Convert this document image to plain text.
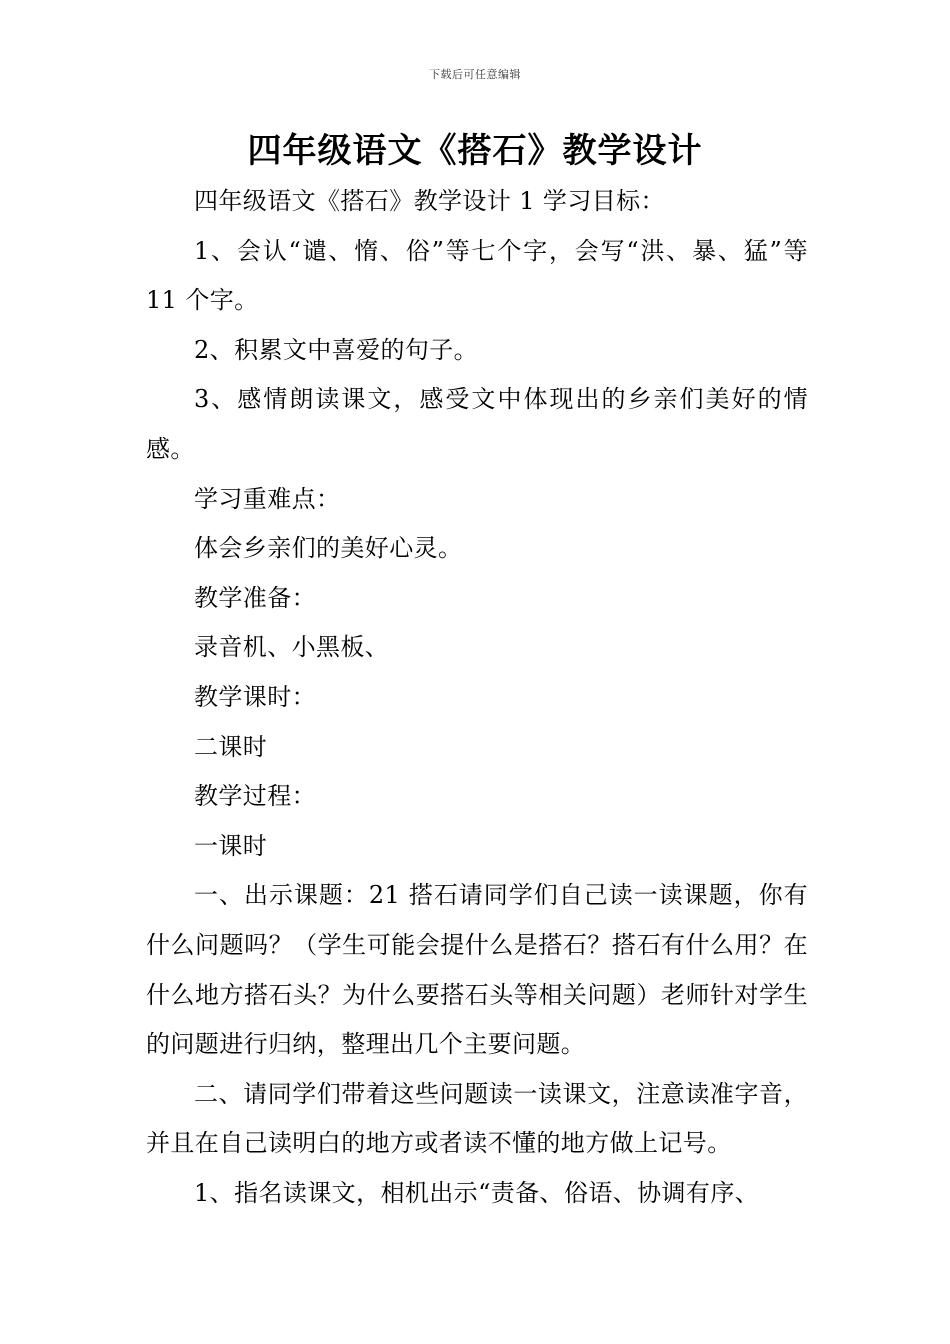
下载后可任意编辑
四年级语文《搭石》教学设计

四年级语文《搭石》教学设计 1 学习目标：

1、会认“谴、惰、俗”等七个字，会写“洪、暴、猛”等 11 个字。

2、积累文中喜爱的句子。

3、感情朗读课文，感受文中体现出的乡亲们美好的情感。

学习重难点：

体会乡亲们的美好心灵。

教学准备：

录音机、小黑板、

教学课时：

二课时

教学过程：

一课时

一、出示课题：21 搭石请同学们自己读一读课题，你有什么问题吗？（学生可能会提什么是搭石？搭石有什么用？在什么地方搭石头？为什么要搭石头等相关问题）老师针对学生的问题进行归纳，整理出几个主要问题。

二、请同学们带着这些问题读一读课文，注意读准字音，并且在自己读明白的地方或者读不懂的地方做上记号。

1、指名读课文，相机出示“责备、俗语、协调有序、
